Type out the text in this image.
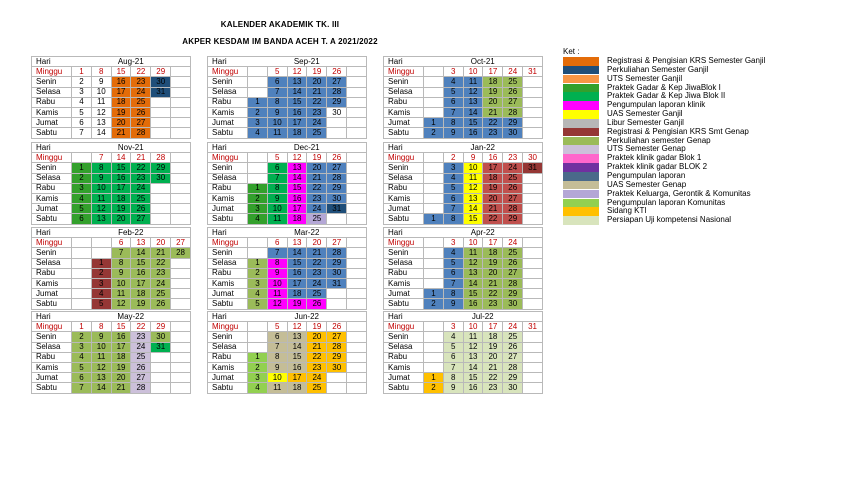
KALENDER AKADEMIK TK. III
AKPER KESDAM IM BANDA ACEH T. A 2021/2022
Hari	Aug-21					
Minggu	1	8	15	22	29	
Senin	2	9	16	23	30	
Selasa	3	10	17	24	31	
Rabu	4	11	18	25		
Kamis	5	12	19	26		
Jumat	6	13	20	27		
Sabtu	7	14	21	28		
Hari	Sep-21					
Minggu		5	12	19	26	
Senin		6	13	20	27	
Selasa		7	14	21	28	
Rabu	1	8	15	22	29	
Kamis	2	9	16	23	30	
Jumat	3	10	17	24		
Sabtu	4	11	18	25		
Hari	Oct-21					
Minggu		3	10	17	24	31
Senin		4	11	18	25	
Selasa		5	12	19	26	
Rabu		6	13	20	27	
Kamis		7	14	21	28	
Jumat	1	8	15	22	29	
Sabtu	2	9	16	23	30	
Hari	Nov-21					
Minggu		7	14	21	28	
Senin	1	8	15	22	29	
Selasa	2	9	16	23	30	
Rabu	3	10	17	24		
Kamis	4	11	18	25		
Jumat	5	12	19	26		
Sabtu	6	13	20	27		
Hari	Dec-21					
Minggu		5	12	19	26	
Senin		6	13	20	27	
Selasa		7	14	21	28	
Rabu	1	8	15	22	29	
Kamis	2	9	16	23	30	
Jumat	3	10	17	24	31	
Sabtu	4	11	18	25		
Hari	Jan-22					
Minggu		2	9	16	23	30
Senin		3	10	17	24	31
Selasa		4	11	18	25	
Rabu		5	12	19	26	
Kamis		6	13	20	27	
Jumat		7	14	21	28	
Sabtu	1	8	15	22	29	
Hari	Feb-22					
Minggu			6	13	20	27
Senin			7	14	21	28
Selasa		1	8	15	22	
Rabu		2	9	16	23	
Kamis		3	10	17	24	
Jumat		4	11	18	25	
Sabtu		5	12	19	26	
Hari	Mar-22					
Minggu		6	13	20	27	
Senin		7	14	21	28	
Selasa	1	8	15	22	29	
Rabu	2	9	16	23	30	
Kamis	3	10	17	24	31	
Jumat	4	11	18	25		
Sabtu	5	12	19	26		
Hari	Apr-22					
Minggu		3	10	17	24	
Senin		4	11	18	25	
Selasa		5	12	19	26	
Rabu		6	13	20	27	
Kamis		7	14	21	28	
Jumat	1	8	15	22	29	
Sabtu	2	9	16	23	30	
Hari	May-22					
Minggu	1	8	15	22	29	
Senin	2	9	16	23	30	
Selasa	3	10	17	24	31	
Rabu	4	11	18	25		
Kamis	5	12	19	26		
Jumat	6	13	20	27		
Sabtu	7	14	21	28		
Hari	Jun-22					
Minggu		5	12	19	26	
Senin		6	13	20	27	
Selasa		7	14	21	28	
Rabu	1	8	15	22	29	
Kamis	2	9	16	23	30	
Jumat	3	10	17	24		
Sabtu	4	11	18	25		
Hari	Jul-22					
Minggu		3	10	17	24	31
Senin		4	11	18	25	
Selasa		5	12	19	26	
Rabu		6	13	20	27	
Kamis		7	14	21	28	
Jumat	1	8	15	22	29	
Sabtu	2	9	16	23	30	
Ket :
Registrasi & Pengisian KRS Semester Ganjil
Perkuliahan Semester Ganjil
UTS Semester Ganjil
Praktek Gadar & Kep JiwaBlok I
Praktek Gadar & Kep Jiwa Blok II
Pengumpulan laporan klinik
UAS Semester Ganjil
Libur Semester Ganjil
Registrasi & Pengisian KRS Smt Genap
Perkuliahan semester Genap
UTS Semester Genap
Praktek klinik gadar Blok 1
Praktek klinik gadar BLOK 2
Pengumpulan laporan
UAS Semester Genap
Praktek Keluarga, Gerontik & Komunitas
Pengumpulan laporan Komunitas
Sidang KTI
Persiapan Uji kompetensi Nasional
